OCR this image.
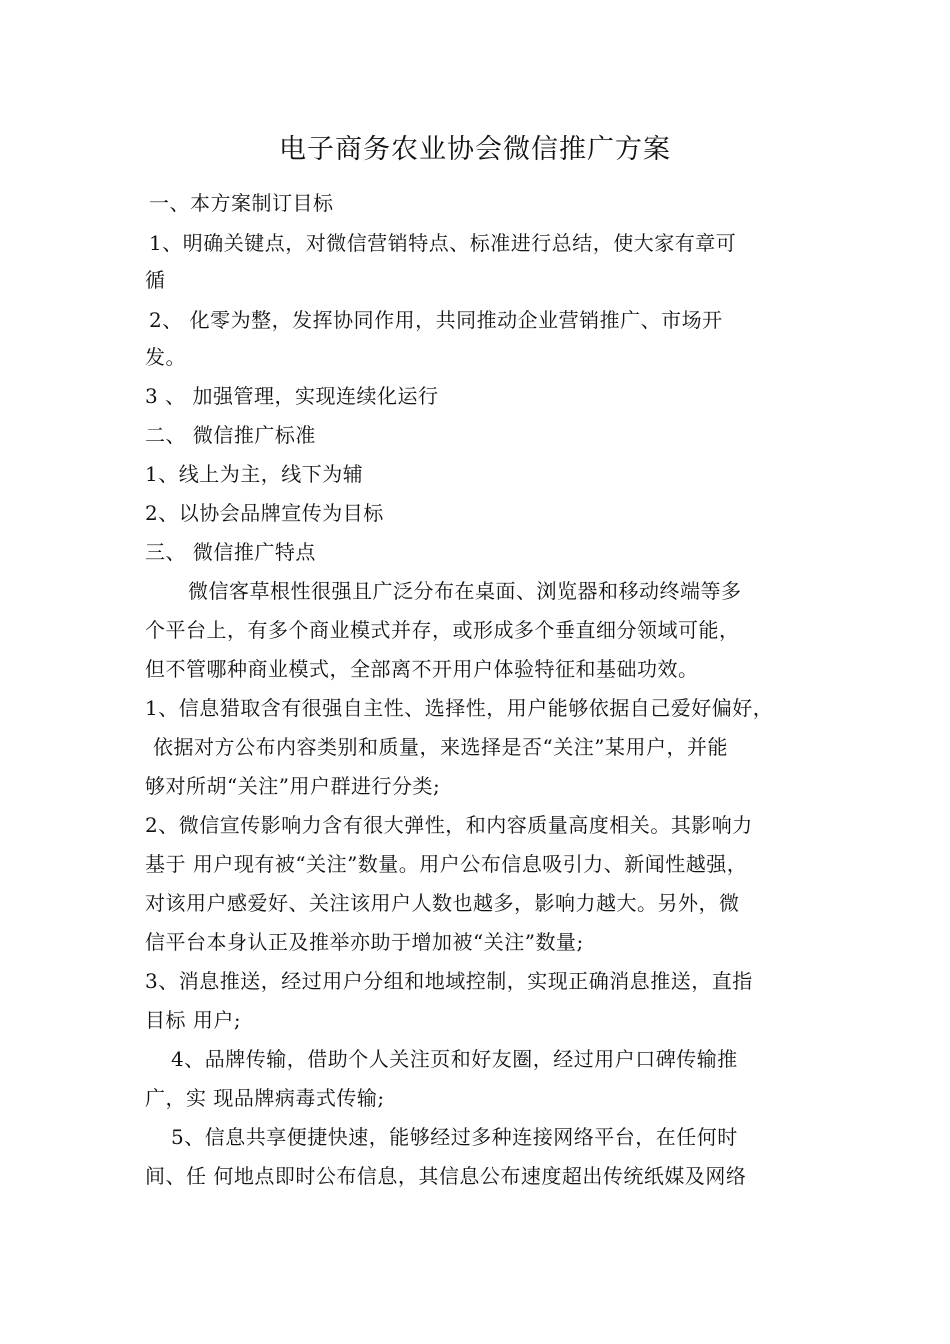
电子商务农业协会微信推广方案
一、本方案制订目标
1、明确关键点，对微信营销特点、标准进行总结，使大家有章可
循
2、 化零为整，发挥协同作用，共同推动企业营销推广、市场开
发。
3 、 加强管理，实现连续化运行
二、 微信推广标准
1、线上为主，线下为辅
2、以协会品牌宣传为目标
三、 微信推广特点
微信客草根性很强且广泛分布在桌面、浏览器和移动终端等多
个平台上，有多个商业模式并存，或形成多个垂直细分领域可能，
但不管哪种商业模式，全部离不开用户体验特征和基础功效。
1、信息猎取含有很强自主性、选择性，用户能够依据自己爱好偏好，
依据对方公布内容类别和质量，来选择是否“关注”某用户，并能
够对所胡“关注”用户群进行分类;
2、微信宣传影响力含有很大弹性，和内容质量高度相关。其影响力
基于 用户现有被“关注”数量。用户公布信息吸引力、新闻性越强，
对该用户感爱好、关注该用户人数也越多，影响力越大。另外，微
信平台本身认正及推举亦助于增加被“关注”数量;
3、消息推送，经过用户分组和地域控制，实现正确消息推送，直指
目标 用户;
4、品牌传输，借助个人关注页和好友圈，经过用户口碑传输推
广，实 现品牌病毒式传输;
5、信息共享便捷快速，能够经过多种连接网络平台，在任何时
间、任 何地点即时公布信息，其信息公布速度超出传统纸媒及网络
